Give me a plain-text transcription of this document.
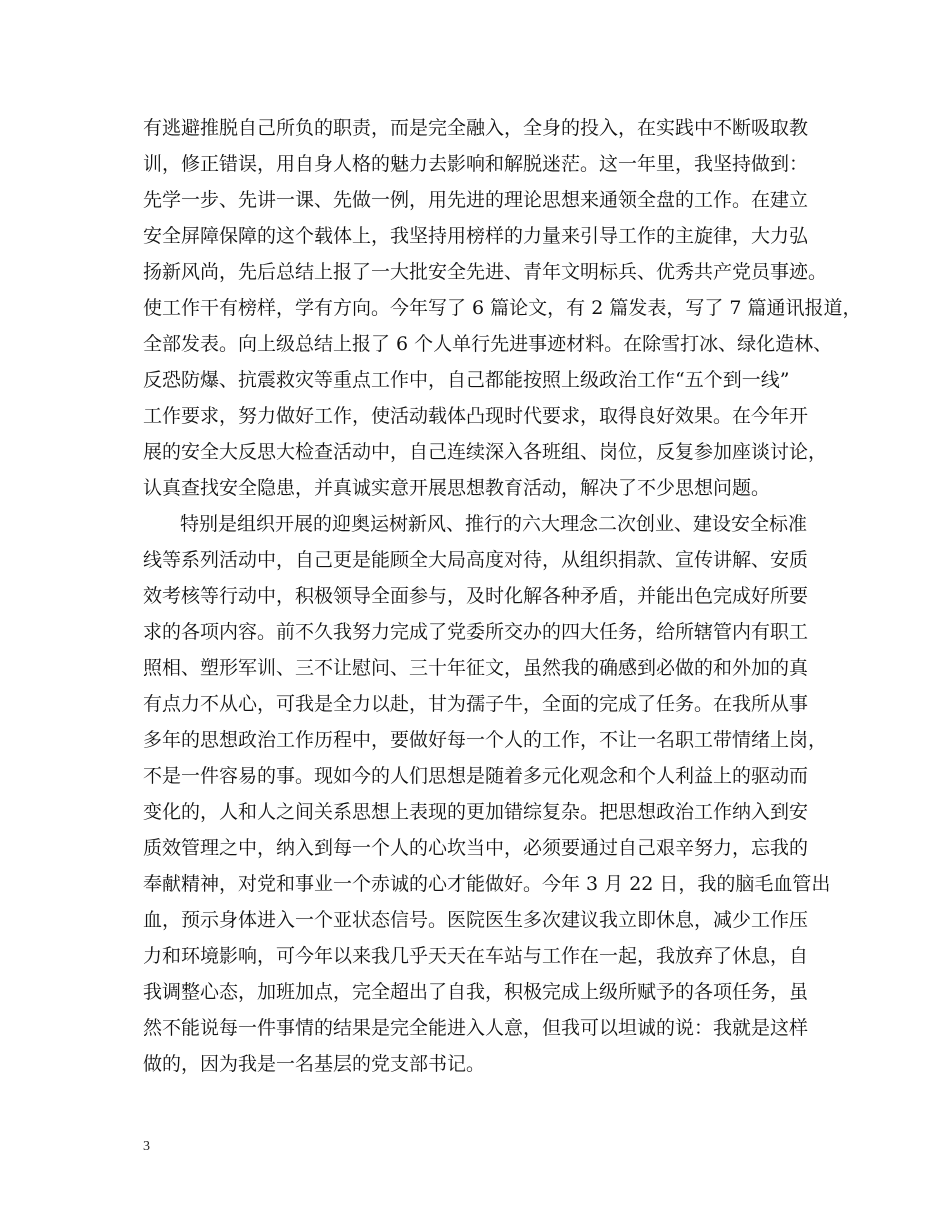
有逃避推脱自己所负的职责，而是完全融入，全身的投入，在实践中不断吸取教
训，修正错误，用自身人格的魅力去影响和解脱迷茫。这一年里，我坚持做到：
先学一步、先讲一课、先做一例，用先进的理论思想来通领全盘的工作。在建立
安全屏障保障的这个载体上，我坚持用榜样的力量来引导工作的主旋律，大力弘
扬新风尚，先后总结上报了一大批安全先进、青年文明标兵、优秀共产党员事迹。
使工作干有榜样，学有方向。今年写了 6 篇论文，有 2 篇发表，写了 7 篇通讯报道，
全部发表。向上级总结上报了 6 个人单行先进事迹材料。在除雪打冰、绿化造林、
反恐防爆、抗震救灾等重点工作中，自己都能按照上级政治工作“五个到一线”
工作要求，努力做好工作，使活动载体凸现时代要求，取得良好效果。在今年开
展的安全大反思大检查活动中，自己连续深入各班组、岗位，反复参加座谈讨论，
认真查找安全隐患，并真诚实意开展思想教育活动，解决了不少思想问题。
特别是组织开展的迎奥运树新风、推行的六大理念二次创业、建设安全标准
线等系列活动中，自己更是能顾全大局高度对待，从组织捐款、宣传讲解、安质
效考核等行动中，积极领导全面参与，及时化解各种矛盾，并能出色完成好所要
求的各项内容。前不久我努力完成了党委所交办的四大任务，给所辖管内有职工
照相、塑形军训、三不让慰问、三十年征文，虽然我的确感到必做的和外加的真
有点力不从心，可我是全力以赴，甘为孺子牛，全面的完成了任务。在我所从事
多年的思想政治工作历程中，要做好每一个人的工作，不让一名职工带情绪上岗，
不是一件容易的事。现如今的人们思想是随着多元化观念和个人利益上的驱动而
变化的，人和人之间关系思想上表现的更加错综复杂。把思想政治工作纳入到安
质效管理之中，纳入到每一个人的心坎当中，必须要通过自己艰辛努力，忘我的
奉献精神，对党和事业一个赤诚的心才能做好。今年 3 月 22 日，我的脑毛血管出
血，预示身体进入一个亚状态信号。医院医生多次建议我立即休息，减少工作压
力和环境影响，可今年以来我几乎天天在车站与工作在一起，我放弃了休息，自
我调整心态，加班加点，完全超出了自我，积极完成上级所赋予的各项任务，虽
然不能说每一件事情的结果是完全能进入人意，但我可以坦诚的说：我就是这样
做的，因为我是一名基层的党支部书记。
3
